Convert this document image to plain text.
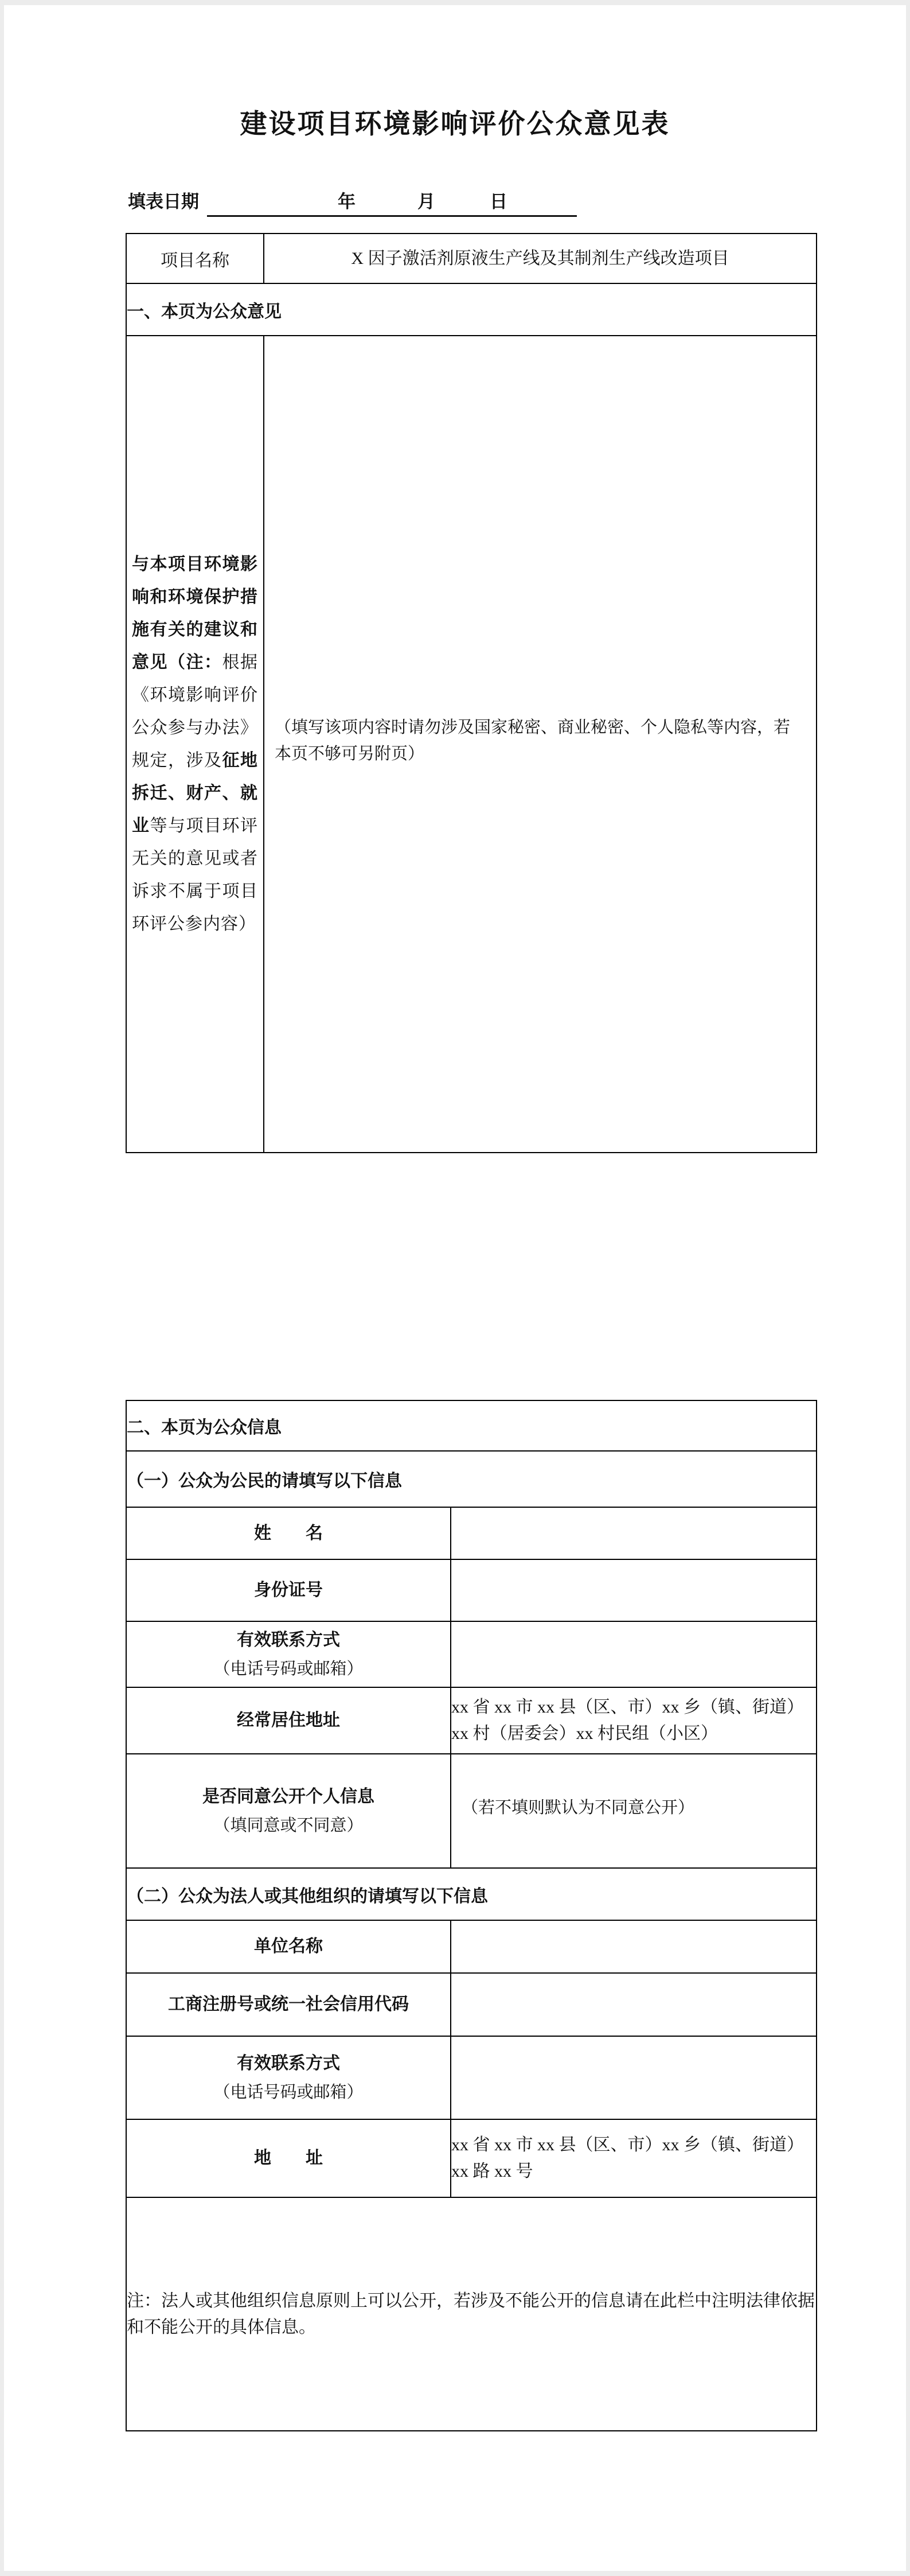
建设项目环境影响评价公众意见表
填表日期	年	月	日
项目名称	X 因子激活剂原液生产线及其制剂生产线改造项目
一、本页为公众意见	

与本项目环境影响和环境保护措施有关的建议和意见（注：根据《环境影响评价公众参与办法》规定，涉及征地拆迁、财产、就业等与项目环评无关的意见或者诉求不属于项目环评公参内容）	（填写该项内容时请勿涉及国家秘密、商业秘密、个人隐私等内容，若本页不够可另附页）
二、本页为公众信息	
（一）公众为公民的请填写以下信息	
姓　　名	
身份证号	
有效联系方式
（电话号码或邮箱）	

经常居住地址	xx 省 xx 市 xx 县（区、市）xx 乡（镇、街道）xx 村（居委会）xx 村民组（小区）
是否同意公开个人信息
（填同意或不同意）	（若不填则默认为不同意公开）

（二）公众为法人或其他组织的请填写以下信息	
单位名称	
工商注册号或统一社会信用代码	
有效联系方式
（电话号码或邮箱）	

地　　址	xx 省 xx 市 xx 县（区、市）xx 乡（镇、街道）xx 路 xx 号
注：法人或其他组织信息原则上可以公开，若涉及不能公开的信息请在此栏中注明法律依据和不能公开的具体信息。	
